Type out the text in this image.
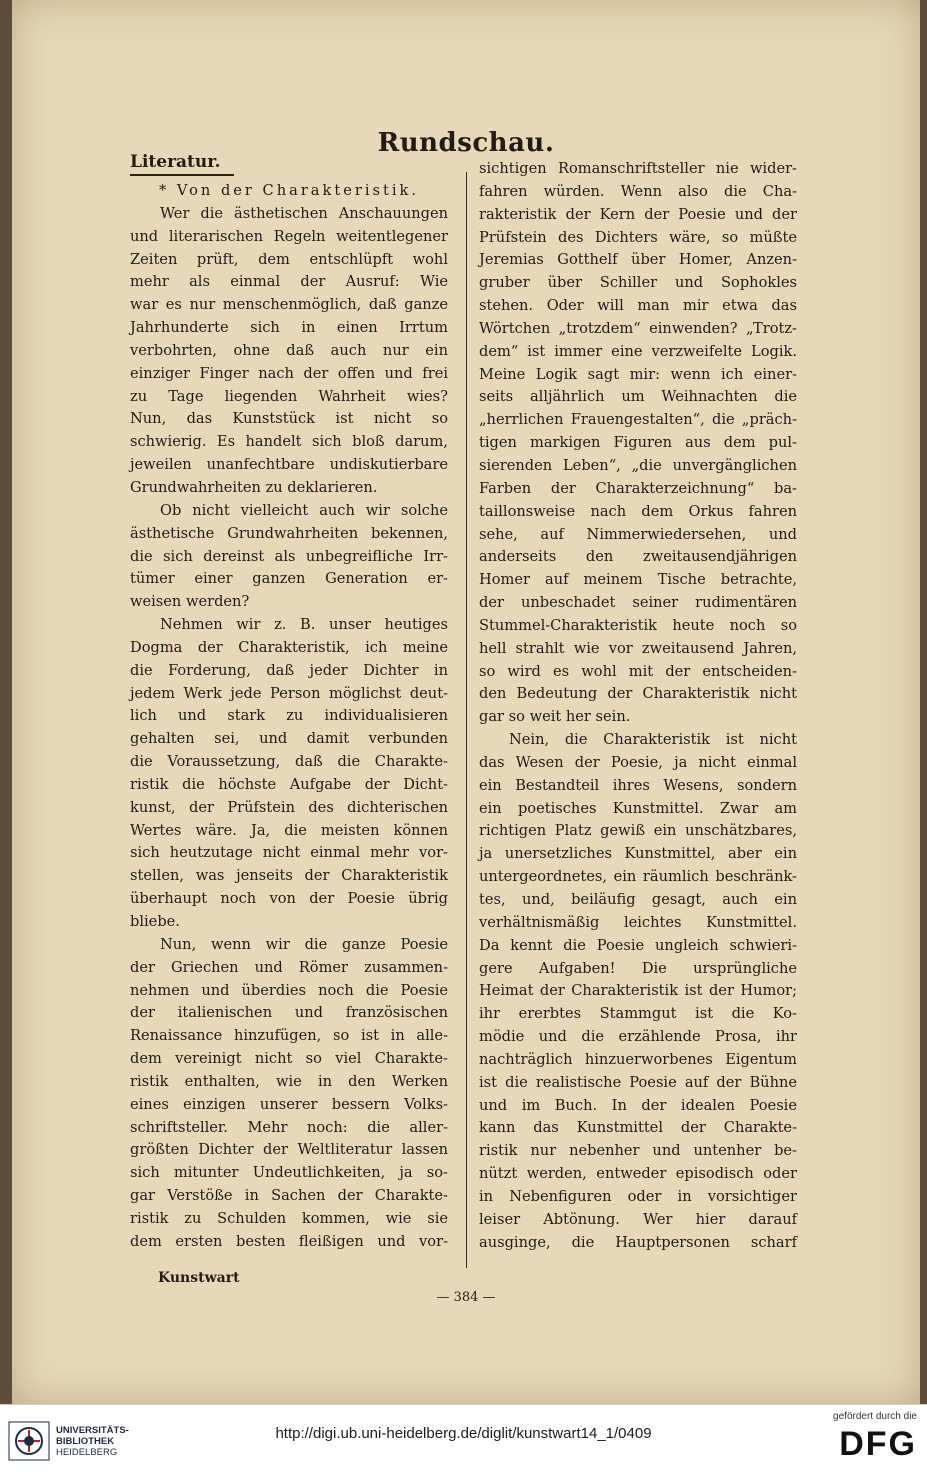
Rundschau.
Literatur.
* Von der Charakteristik.
Wer die ästhetischen Anschauungen
und literarischen Regeln weitentlegener
Zeiten prüft, dem entschlüpft wohl
mehr als einmal der Ausruf: Wie
war es nur menschenmöglich, daß ganze
Jahrhunderte sich in einen Irrtum
verbohrten, ohne daß auch nur ein
einziger Finger nach der offen und frei
zu Tage liegenden Wahrheit wies?
Nun, das Kunststück ist nicht so
schwierig. Es handelt sich bloß darum,
jeweilen unanfechtbare undiskutierbare
Grundwahrheiten zu deklarieren.
Ob nicht vielleicht auch wir solche
ästhetische Grundwahrheiten bekennen,
die sich dereinst als unbegreifliche Irr-
tümer einer ganzen Generation er-
weisen werden?
Nehmen wir z. B. unser heutiges
Dogma der Charakteristik, ich meine
die Forderung, daß jeder Dichter in
jedem Werk jede Person möglichst deut-
lich und stark zu individualisieren
gehalten sei, und damit verbunden
die Voraussetzung, daß die Charakte-
ristik die höchste Aufgabe der Dicht-
kunst, der Prüfstein des dichterischen
Wertes wäre. Ja, die meisten können
sich heutzutage nicht einmal mehr vor-
stellen, was jenseits der Charakteristik
überhaupt noch von der Poesie übrig
bliebe.
Nun, wenn wir die ganze Poesie
der Griechen und Römer zusammen-
nehmen und überdies noch die Poesie
der italienischen und französischen
Renaissance hinzufügen, so ist in alle-
dem vereinigt nicht so viel Charakte-
ristik enthalten, wie in den Werken
eines einzigen unserer bessern Volks-
schriftsteller. Mehr noch: die aller-
größten Dichter der Weltliteratur lassen
sich mitunter Undeutlichkeiten, ja so-
gar Verstöße in Sachen der Charakte-
ristik zu Schulden kommen, wie sie
dem ersten besten fleißigen und vor-
sichtigen Romanschriftsteller nie wider-
fahren würden. Wenn also die Cha-
rakteristik der Kern der Poesie und der
Prüfstein des Dichters wäre, so müßte
Jeremias Gotthelf über Homer, Anzen-
gruber über Schiller und Sophokles
stehen. Oder will man mir etwa das
Wörtchen „trotzdem“ einwenden? „Trotz-
dem“ ist immer eine verzweifelte Logik.
Meine Logik sagt mir: wenn ich einer-
seits alljährlich um Weihnachten die
„herrlichen Frauengestalten“, die „präch-
tigen markigen Figuren aus dem pul-
sierenden Leben“, „die unvergänglichen
Farben der Charakterzeichnung“ ba-
taillonsweise nach dem Orkus fahren
sehe, auf Nimmerwiedersehen, und
anderseits den zweitausendjährigen
Homer auf meinem Tische betrachte,
der unbeschadet seiner rudimentären
Stummel-Charakteristik heute noch so
hell strahlt wie vor zweitausend Jahren,
so wird es wohl mit der entscheiden-
den Bedeutung der Charakteristik nicht
gar so weit her sein.
Nein, die Charakteristik ist nicht
das Wesen der Poesie, ja nicht einmal
ein Bestandteil ihres Wesens, sondern
ein poetisches Kunstmittel. Zwar am
richtigen Platz gewiß ein unschätzbares,
ja unersetzliches Kunstmittel, aber ein
untergeordnetes, ein räumlich beschränk-
tes, und, beiläufig gesagt, auch ein
verhältnismäßig leichtes Kunstmittel.
Da kennt die Poesie ungleich schwieri-
gere Aufgaben! Die ursprüngliche
Heimat der Charakteristik ist der Humor;
ihr ererbtes Stammgut ist die Ko-
mödie und die erzählende Prosa, ihr
nachträglich hinzuerworbenes Eigentum
ist die realistische Poesie auf der Bühne
und im Buch. In der idealen Poesie
kann das Kunstmittel der Charakte-
ristik nur nebenher und untenher be-
nützt werden, entweder episodisch oder
in Nebenfiguren oder in vorsichtiger
leiser Abtönung. Wer hier darauf
ausginge, die Hauptpersonen scharf
Kunstwart
— 384 —
UNIVERSITÄTS-
BIBLIOTHEK
HEIDELBERG
http://digi.ub.uni-heidelberg.de/diglit/kunstwart14_1/0409
gefördert durch die
DFG
